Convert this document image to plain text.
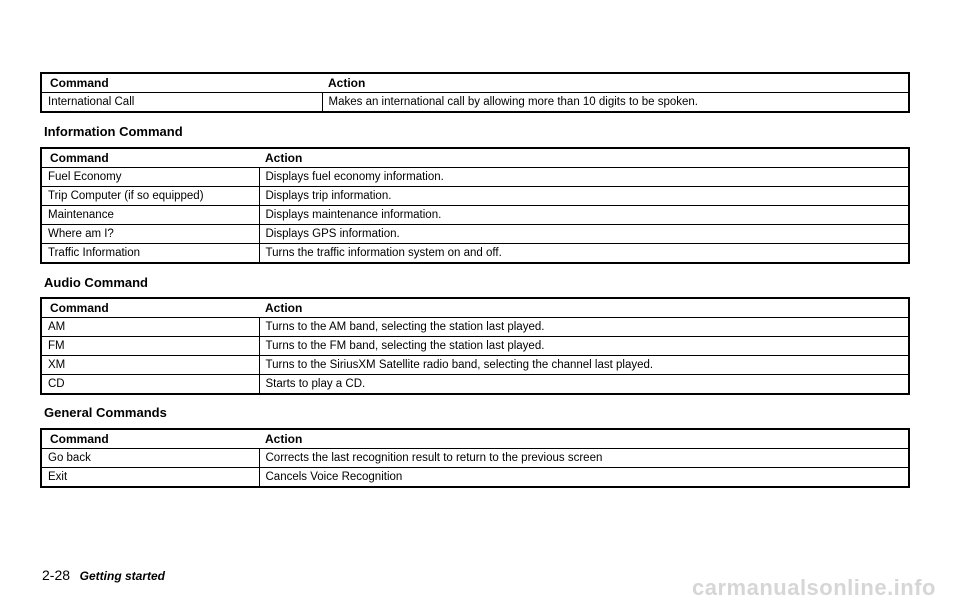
Command	Action
International Call	Makes an international call by allowing more than 10 digits to be spoken.
Information Command
Command	Action
Fuel Economy	Displays fuel economy information.
Trip Computer (if so equipped)	Displays trip information.
Maintenance	Displays maintenance information.
Where am I?	Displays GPS information.
Traffic Information	Turns the traffic information system on and off.
Audio Command
Command	Action
AM	Turns to the AM band, selecting the station last played.
FM	Turns to the FM band, selecting the station last played.
XM	Turns to the SiriusXM Satellite radio band, selecting the channel last played.
CD	Starts to play a CD.
General Commands
Command	Action
Go back	Corrects the last recognition result to return to the previous screen
Exit	Cancels Voice Recognition
2-28 Getting started	carmanualsonline.info
